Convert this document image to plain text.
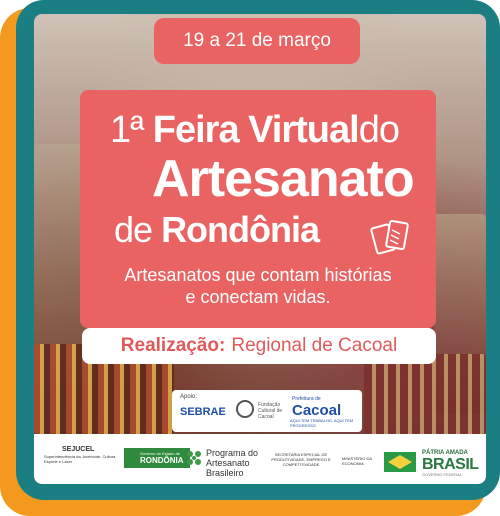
19 a 21 de março
1ª Feira Virtualdo
Artesanato
de Rondônia
Artesanatos que contam histórias
e conectam vidas.
Realização: Regional de Cacoal
Apoio:
SEBRAE
Fundação Cultural de Cacoal
Prefeitura de
Cacoal
AQUI TEM TRABALHO, AQUI TEM PROGRESSO
SEJUCEL
Superintendência da Juventude, Cultura, Esporte e Lazer
Governo do Estado de
RONDÔNIA
Programa do
Artesanato
Brasileiro
SECRETARIA ESPECIAL DE PRODUTIVIDADE, EMPREGO E COMPETITIVIDADE
MINISTÉRIO DA ECONOMIA
PÁTRIA AMADA
BRASIL
GOVERNO FEDERAL
